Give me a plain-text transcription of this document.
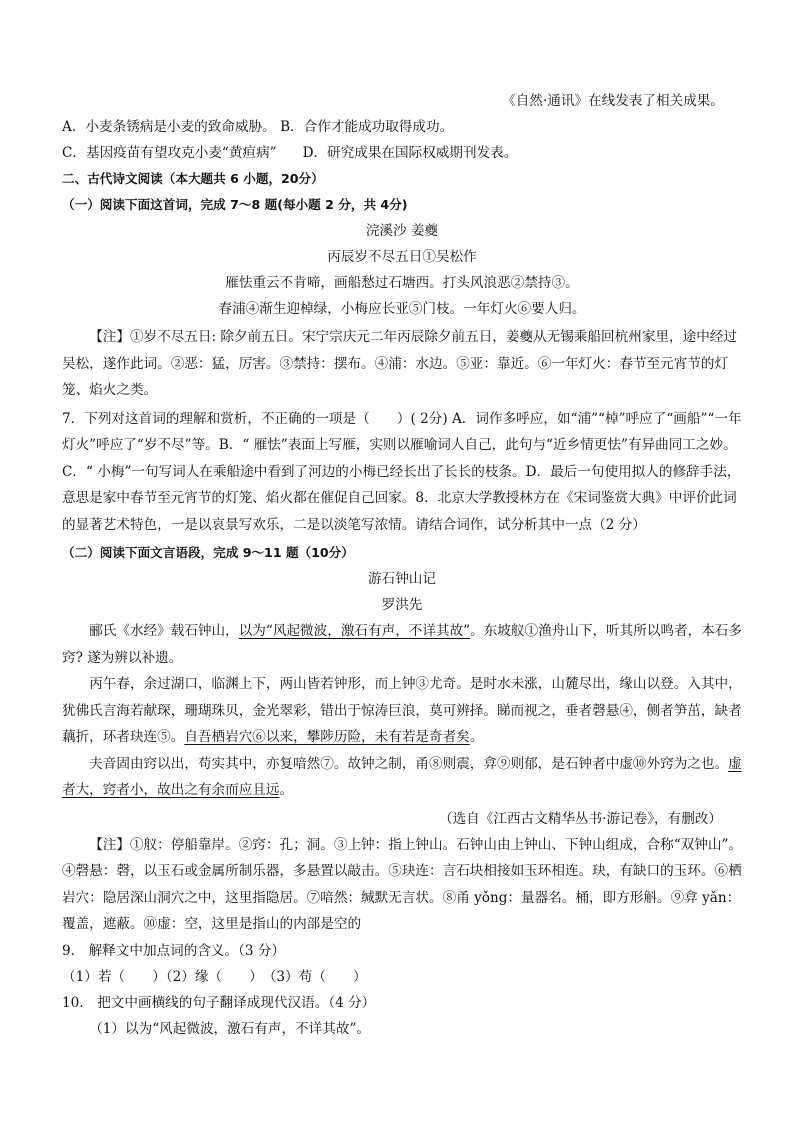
《自然·通讯》在线发表了相关成果。

A．小麦条锈病是小麦的致命威胁。 B．合作才能成功取得成功。

C．基因疫苗有望攻克小麦“黄疸病” D．研究成果在国际权威期刊发表。

二、古代诗文阅读（本大题共 6 小题，20分）

（一）阅读下面这首词，完成 7～8 题(每小题 2 分，共 4分)

浣溪沙 姜夔

丙辰岁不尽五日①吴松作

雁怯重云不肯啼，画船愁过石塘西。打头风浪恶②禁持③。

春浦④渐生迎棹绿，小梅应长亚⑤门枝。一年灯火⑥要人归。

【注】①岁不尽五日: 除夕前五日。宋宁宗庆元二年丙辰除夕前五日，姜夔从无锡乘船回杭州家里，途中经过吴松，遂作此词。②恶：猛，厉害。③禁持：摆布。④浦：水边。⑤亚：靠近。⑥一年灯火：春节至元宵节的灯笼、焰火之类。

7．下列对这首词的理解和赏析，不正确的一项是（　　）( 2分) A．词作多呼应，如“浦”“棹”呼应了“画船”“一年灯火”呼应了“岁不尽”等。B．“ 雁怯”表面上写雁，实则以雁喻词人自己，此句与“近乡情更怯”有异曲同工之妙。C．“ 小梅”一句写词人在乘船途中看到了河边的小梅已经长出了长长的枝条。D．最后一句使用拟人的修辞手法，意思是家中春节至元宵节的灯笼、焰火都在催促自己回家。8．北京大学教授林方在《宋词鉴赏大典》中评价此词的显著艺术特色，一是以哀景写欢乐，二是以淡笔写浓情。请结合词作，试分析其中一点（2 分）

（二）阅读下面文言语段，完成 9～11 题（10分）

游石钟山记

罗洪先

郦氏《水经》载石钟山，以为“风起微波，激石有声，不详其故”。东坡舣①渔舟山下，听其所以鸣者，本石多窍? 遂为辨以补遗。

丙午春，余过湖口，临渊上下，两山皆若钟形，而上钟③尤奇。是时水未涨，山麓尽出，缘山以登。入其中，犹佛氏言海若献琛，珊瑚珠贝，金光翠彩，错出于惊涛巨浪，莫可辨择。睇而视之，垂者磬悬④，侧者笋茁，缺者藕折，环者玦连⑤。自吾栖岩穴⑥以来，攀陟历险，未有若是奇者矣。

夫音固由窍以出，苟实其中，亦复喑然⑦。故钟之制，甬⑧则震，弇⑨则郁，是石钟者中虚⑩外窍为之也。虚者大，窍者小，故出之有余而应且远。

（选自《江西古文精华丛书·游记卷》，有删改）

【注】①舣：停船靠岸。②窍：孔；洞。③上钟：指上钟山。石钟山由上钟山、下钟山组成，合称“双钟山”。④磬悬：磬，以玉石或金属所制乐器，多悬置以敲击。⑤玦连：言石块相接如玉环相连。玦，有缺口的玉环。⑥栖岩穴：隐居深山洞穴之中，这里指隐居。⑦喑然：缄默无言状。⑧甬 yǒng：量器名。桶，即方形斛。⑨弇 yǎn：覆盖，遮蔽。⑩虚：空，这里是指山的内部是空的

9.　解释文中加点词的含义。（3 分）

（1）若（　　）（2）缘（　　）　（3）苟（　　）

10.　把文中画横线的句子翻译成现代汉语。（4 分）

（1）以为“风起微波，激石有声，不详其故”。
